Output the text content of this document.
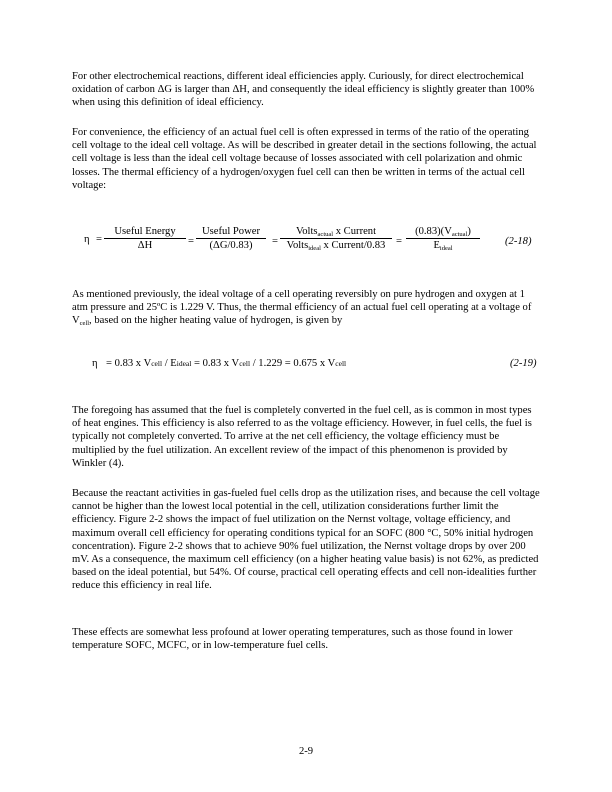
For other electrochemical reactions, different ideal efficiencies apply. Curiously, for direct electrochemical oxidation of carbon ΔG is larger than ΔH, and consequently the ideal efficiency is slightly greater than 100% when using this definition of ideal efficiency.

For convenience, the efficiency of an actual fuel cell is often expressed in terms of the ratio of the operating cell voltage to the ideal cell voltage. As will be described in greater detail in the sections following, the actual cell voltage is less than the ideal cell voltage because of losses associated with cell polarization and ohmic losses. The thermal efficiency of a hydrogen/oxygen fuel cell can then be written in terms of the actual cell voltage:

η =
Useful Energy
ΔH	=
Useful Power
(ΔG/0.83)	=
Volts$_{actual}$ x Current
Volts$_{ideal}$ x Current/0.83	=
$(0.83)(V_{actual})$
$E_{ideal}$
(2-18)

As mentioned previously, the ideal voltage of a cell operating reversibly on pure hydrogen and oxygen at 1 atm pressure and 25ºC is 1.229 V. Thus, the thermal efficiency of an actual fuel cell operating at a voltage of $V_{cell}$, based on the higher heating value of hydrogen, is given by

η = 0.83 x Vcell / Eideal = 0.83 x Vcell / 1.229 = 0.675 x Vcell	(2-19)

The foregoing has assumed that the fuel is completely converted in the fuel cell, as is common in most types of heat engines. This efficiency is also referred to as the voltage efficiency. However, in fuel cells, the fuel is typically not completely converted. To arrive at the net cell efficiency, the voltage efficiency must be multiplied by the fuel utilization. An excellent review of the impact of this phenomenon is provided by Winkler (4).

Because the reactant activities in gas-fueled fuel cells drop as the utilization rises, and because the cell voltage cannot be higher than the lowest local potential in the cell, utilization considerations further limit the efficiency. Figure 2-2 shows the impact of fuel utilization on the Nernst voltage, voltage efficiency, and maximum overall cell efficiency for operating conditions typical for an SOFC (800 °C, 50% initial hydrogen concentration). Figure 2-2 shows that to achieve 90% fuel utilization, the Nernst voltage drops by over 200 mV. As a consequence, the maximum cell efficiency (on a higher heating value basis) is not 62%, as predicted based on the ideal potential, but 54%. Of course, practical cell operating effects and cell non-idealities further reduce this efficiency in real life.

These effects are somewhat less profound at lower operating temperatures, such as those found in lower temperature SOFC, MCFC, or in low-temperature fuel cells.

2-9
